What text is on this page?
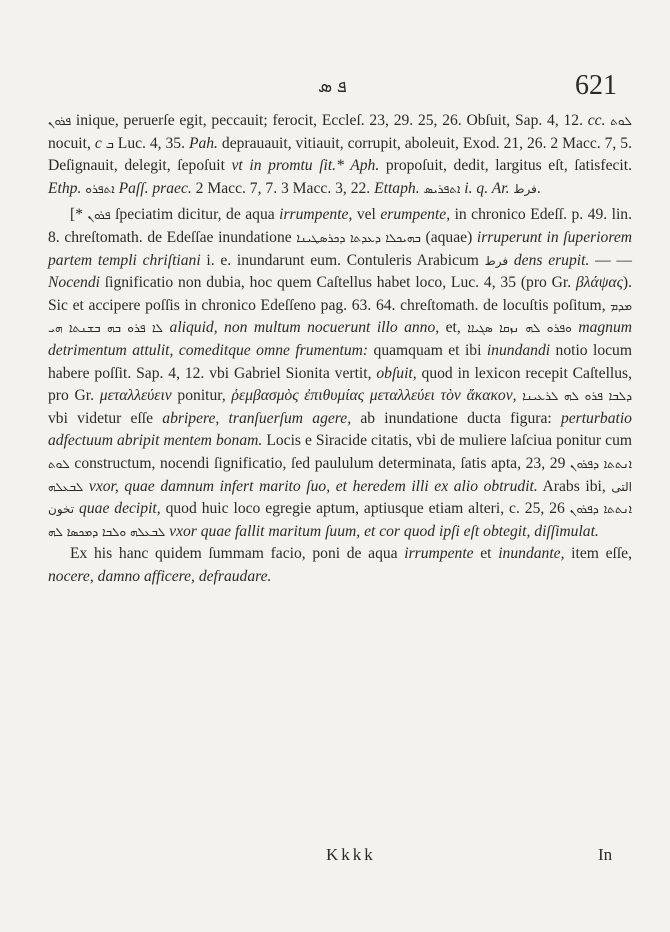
ܦ ܣ	621

ܦܪܘܢ inique, peruerſe egit, peccauit; ferocit, Eccleſ. 23, 29. 25, 26. Obſuit, Sap. 4, 12. cc. ܠܘܬ nocuit, c ܒ Luc. 4, 35. Pah. deprauauit, vitiauit, corrupit, aboleuit, Exod. 21, 26. 2 Macc. 7, 5. Deſignauit, delegit, ſepoſuit vt in promtu ſit.* Aph. propoſuit, dedit, largitus eſt, ſatisfecit. Ethp. ܐܬܦܪܘ Paſſ. praec. 2 Macc. 7, 7. 3 Macc. 3, 22. Ettaph. ܐܬܦܪܝܣ i. q. Ar. فرط.

[* ܦܪܘܢ ſpeciatim dicitur, de aqua irrumpente, vel erumpente, in chronico Edeſſ. p. 49. lin. 8. chreſtomath. de Edeſſae inundatione ܒܗܝܟܠܐ ܕܥܕܬܐ ܕܟܪܣܛܝܢܐ (aquae) irruperunt in ſuperiorem partem templi chriſtiani i. e. inundarunt eum. Contuleris Arabicum فرط dens erupit. — — Nocendi ſignificatio non dubia, hoc quem Caſtellus habet loco, Luc. 4, 35 (pro Gr. βλάψας). Sic et accipere poſſis in chronico Edeſſeno pag. 63. 64. chreſtomath. de locuſtis poſitum, ܡܕܡ ܠܐ ܦܪܘ ܒܗ ܒܫܢܬܐ ܗܝ aliquid, non multum nocuerunt illo anno, et, ܘܦܪܘ ܠܗ ܢܙܩܐ ܣܓܝܐܐ magnum detrimentum attulit, comeditque omne frumentum: quamquam et ibi inundandi notio locum habere poſſit. Sap. 4, 12. vbi Gabriel Sionita vertit, obſuit, quod in lexicon recepit Caſtellus, pro Gr. μεταλλεύειν ponitur, ῥεμβασμὸς ἐπιθυμίας μεταλλεύει τὸν ἄκακον, ܕܠܒܐ ܦܪܘ ܠܗ ܠܪܥܝܢܐ vbi videtur eſſe abripere, tranſuerſum agere, ab inundatione ducta figura: perturbatio adfectuum abripit mentem bonam. Locis e Siracide citatis, vbi de muliere laſciua ponitur cum ܠܘܬ constructum, nocendi ſignificatio, ſed paululum determinata, ſatis apta, 23, 29 ܐܢܬܬܐ ܕܦܪܘܢ ܠܒܥܠܗ vxor, quae damnum infert marito ſuo, et heredem illi ex alio obtrudit. Arabs ibi, التى تخون quae decipit, quod huic loco egregie aptum, aptiusque etiam alteri, c. 25, 26 ܐܢܬܬܐ ܕܦܪܘܢ ܠܒܥܠܗ ܘܠܒܐ ܕܡܟܣܐ ܠܗ vxor quae fallit maritum ſuum, et cor quod ipſi eſt obtegit, diſſimulat.

Ex his hanc quidem ſummam facio, poni de aqua irrumpente et inundante, item eſſe, nocere, damno afficere, defraudare.

Kkkk	In
